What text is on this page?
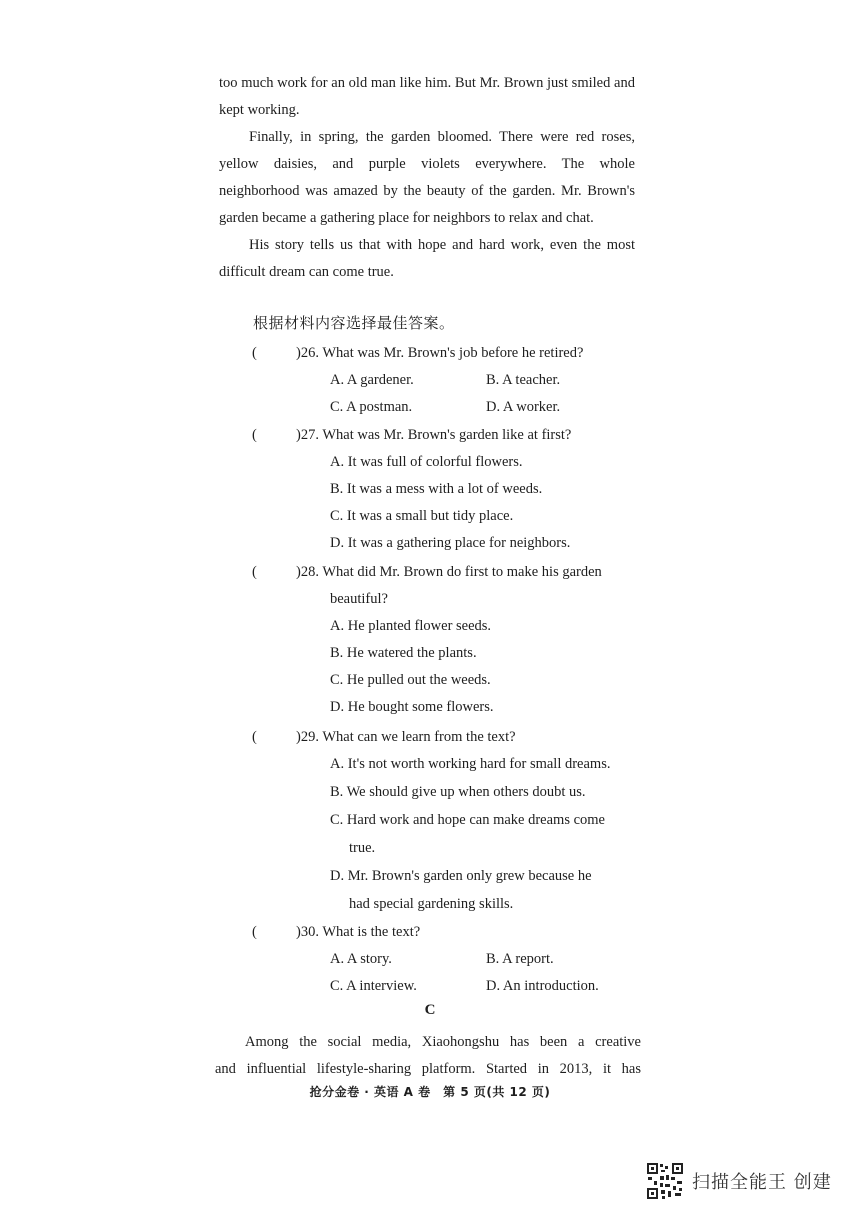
too much work for an old man like him. But Mr. Brown just smiled and kept working.

Finally, in spring, the garden bloomed. There were red roses, yellow daisies, and purple violets everywhere. The whole neighborhood was amazed by the beauty of the garden. Mr. Brown's garden became a gathering place for neighbors to relax and chat.

His story tells us that with hope and hard work, even the most difficult dream can come true.

根据材料内容选择最佳答案。
(	)26. What was Mr. Brown's job before he retired?
A. A gardener.	B. A teacher.
C. A postman.	D. A worker.
(	)27. What was Mr. Brown's garden like at first?
A. It was full of colorful flowers.
B. It was a mess with a lot of weeds.
C. It was a small but tidy place.
D. It was a gathering place for neighbors.
(	)28. What did Mr. Brown do first to make his garden
beautiful?
A. He planted flower seeds.
B. He watered the plants.
C. He pulled out the weeds.
D. He bought some flowers.
(	)29. What can we learn from the text?
A. It's not worth working hard for small dreams.
B. We should give up when others doubt us.
C. Hard work and hope can make dreams come
true.
D. Mr. Brown's garden only grew because he
had special gardening skills.
(	)30. What is the text?
A. A story.	B. A report.
C. A interview.	D. An introduction.
C

Among the social media, Xiaohongshu has been a creative

and influential lifestyle-sharing platform. Started in 2013, it has

抢分金卷 · 英语 A 卷　第 5 页(共 12 页)
扫描全能王 创建
